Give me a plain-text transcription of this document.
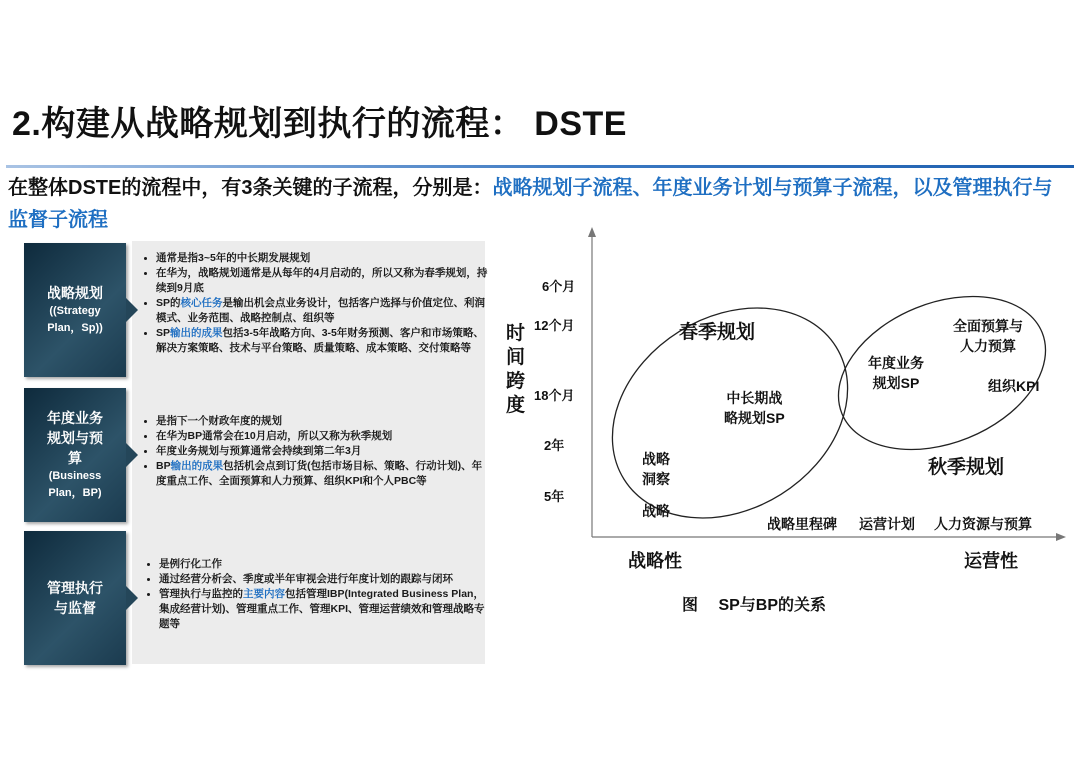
2.构建从战略规划到执行的流程： DSTE

在整体DSTE的流程中，有3条关键的子流程，分别是：战略规划子流程、年度业务计划与预算子流程，以及管理执行与监督子流程

战略规划
((Strategy
Plan，Sp))
• 通常是指3~5年的中长期发展规划
• 在华为，战略规划通常是从每年的4月启动的，所以又称为春季规划，持续到9月底
• SP的核心任务是输出机会点业务设计，包括客户选择与价值定位、利润模式、业务范围、战略控制点、组织等
• SP输出的成果包括3-5年战略方向、3-5年财务预测、客户和市场策略、解决方案策略、技术与平台策略、质量策略、成本策略、交付策略等
年度业务
规划与预
算
(Business
Plan，BP)
• 是指下一个财政年度的规划
• 在华为BP通常会在10月启动，所以又称为秋季规划
• 年度业务规划与预算通常会持续到第二年3月
• BP输出的成果包括机会点到订货(包括市场目标、策略、行动计划)、年度重点工作、全面预算和人力预算、组织KPI和个人PBC等
管理执行
与监督
• 是例行化工作
• 通过经营分析会、季度或半年审视会进行年度计划的跟踪与闭环
• 管理执行与监控的主要内容包括管理IBP(Integrated Business Plan，集成经营计划)、管理重点工作、管理KPI、管理运营绩效和管理战略专题等
时
间
跨
度
6个月
12个月
18个月
2年
5年
春季规划
秋季规划
中长期战
略规划SP
战略
洞察
战略
年度业务
规划SP
全面预算与
人力预算
组织KPI
战略里程碑 运营计划 人力资源与预算
战略性	运营性
图　 SP与BP的关系
